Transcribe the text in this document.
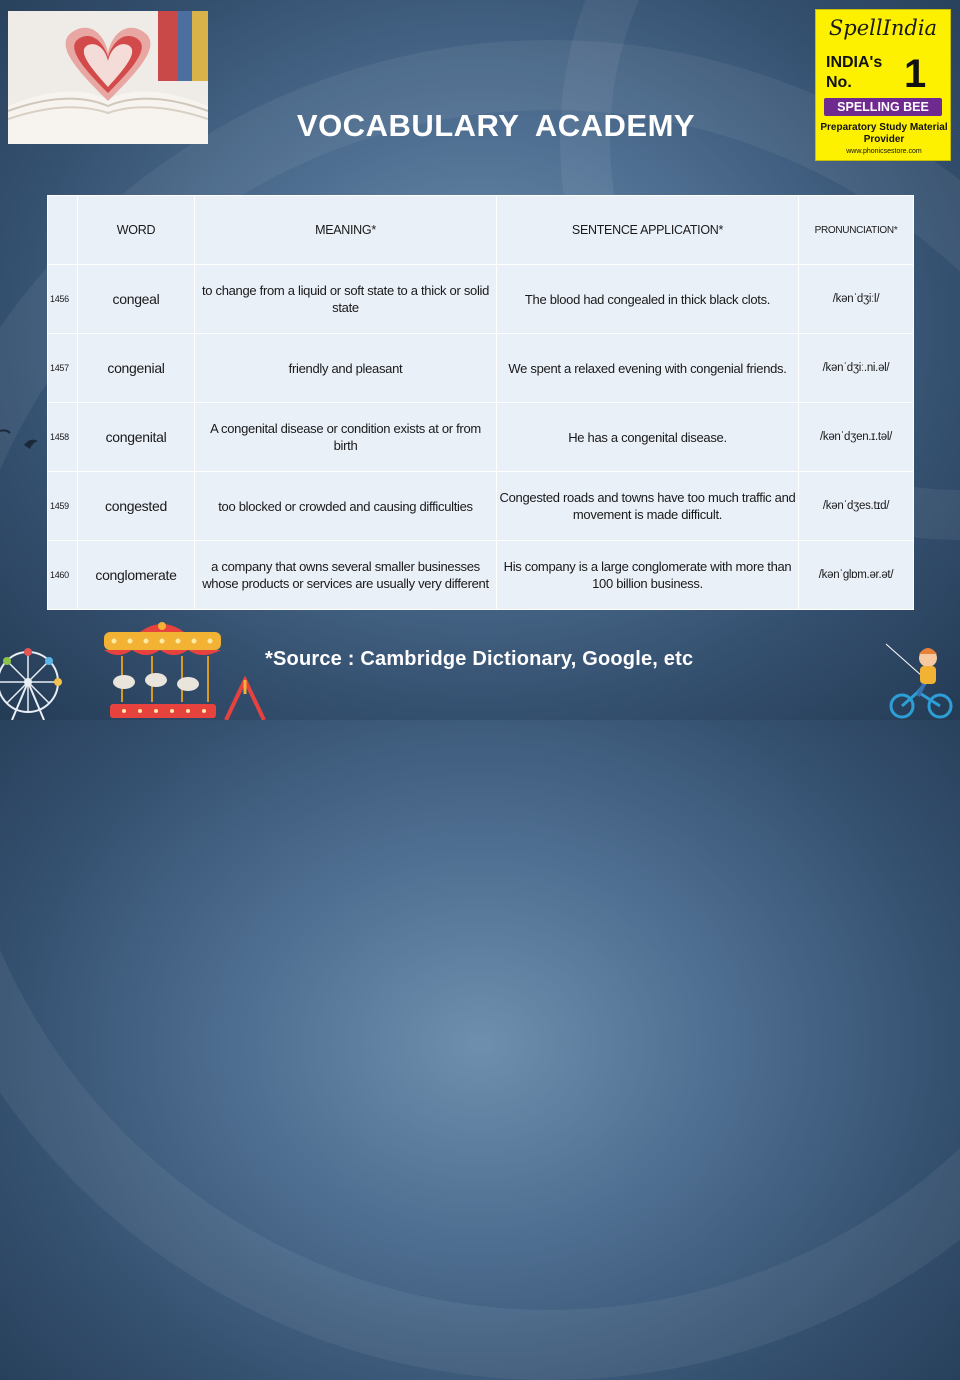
VOCABULARY ACADEMY
SpellIndia
INDIA's
No. 1
SPELLING BEE
Preparatory Study Material Provider
www.phonicsestore.com
	WORD	MEANING*	SENTENCE APPLICATION*	PRONUNCIATION*
1456	congeal	to change from a liquid or soft state to a thick or solid state	The blood had congealed in thick black clots.	/kənˈdʒiːl/
1457	congenial	friendly and pleasant	We spent a relaxed evening with congenial friends.	/kənˈdʒiː.ni.əl/
1458	congenital	A congenital disease or condition exists at or from birth	He has a congenital disease.	/kənˈdʒen.ɪ.təl/
1459	congested	too blocked or crowded and causing difficulties	Congested roads and towns have too much traffic and movement is made difficult.	/kənˈdʒes.tɪd/
1460	conglomerate	a company that owns several smaller businesses whose products or services are usually very different	His company is a large conglomerate with more than 100 billion business.	/kənˈɡlɒm.ər.ət/
*Source : Cambridge Dictionary, Google, etc
